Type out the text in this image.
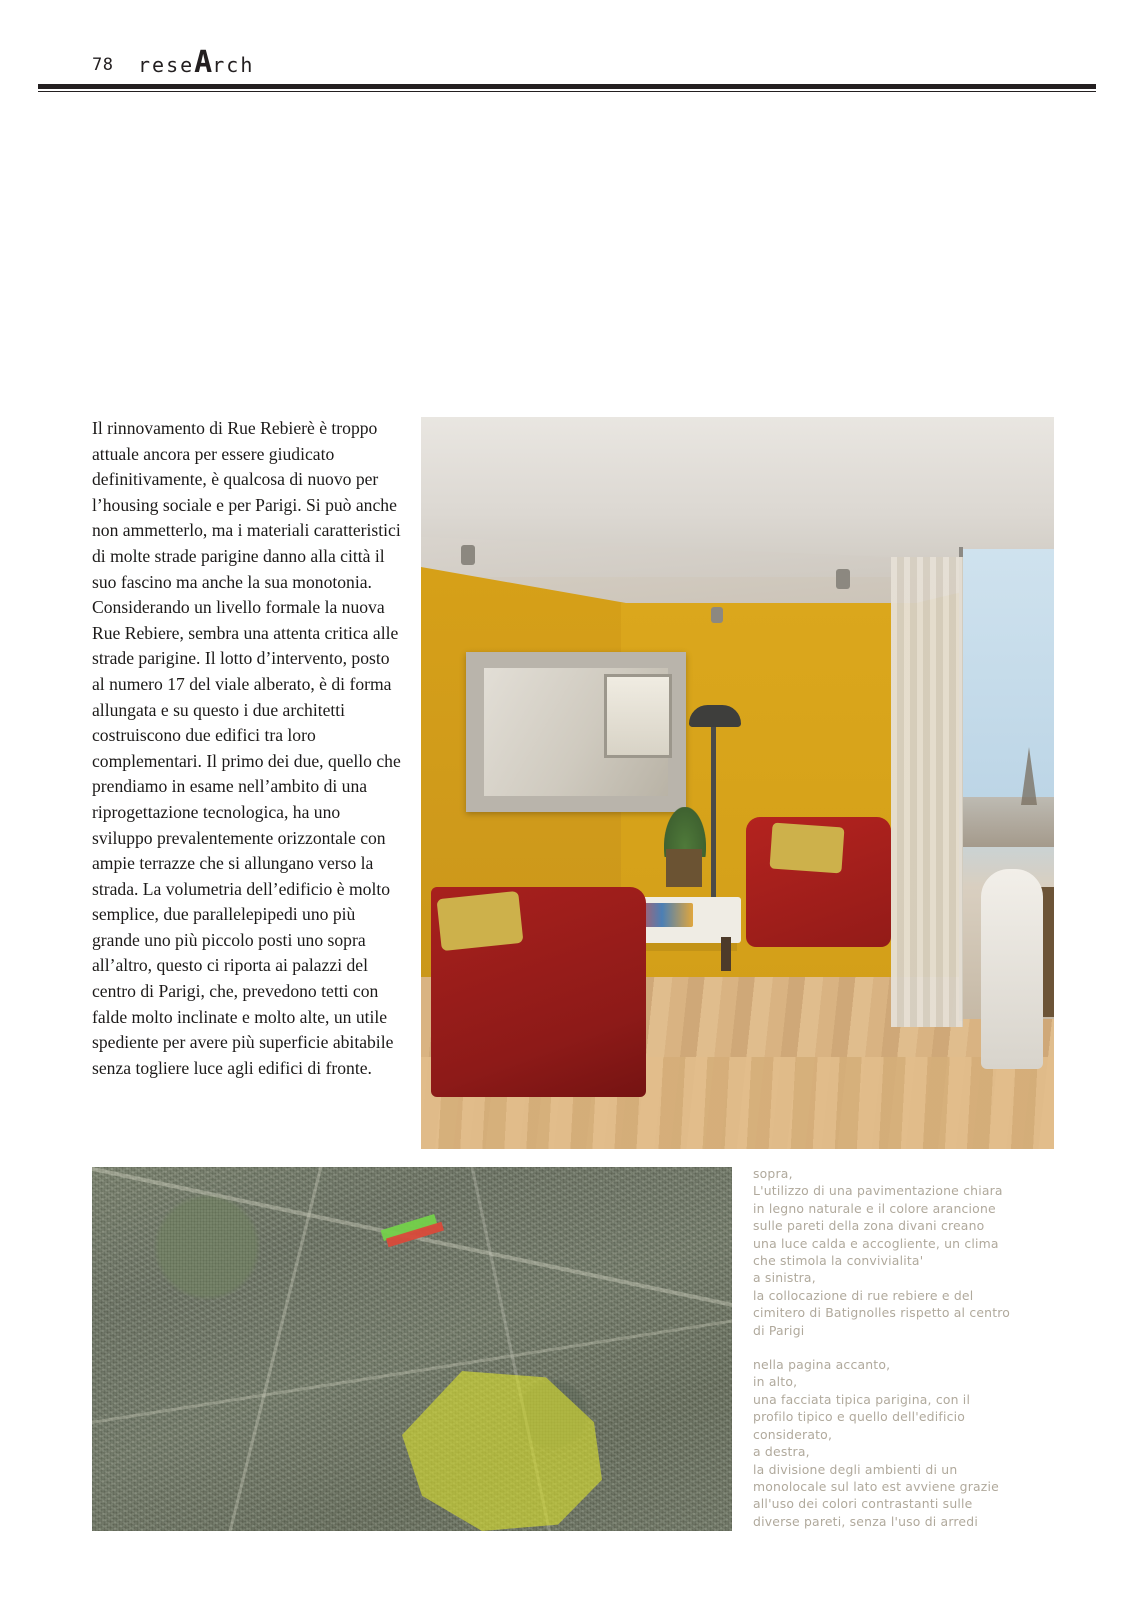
78 reseArch
Il rinnovamento di Rue Rebierè è troppo attuale ancora per essere giudicato definitivamente, è qualcosa di nuovo per l’housing sociale e per Parigi. Si può anche non ammetterlo, ma i materiali caratteristici di molte strade parigine danno alla città il suo fascino ma anche la sua monotonia. Considerando un livello formale la nuova Rue Rebiere, sembra una attenta critica alle strade parigine. Il lotto d’intervento, posto al numero 17 del viale alberato, è di forma allungata e su questo i due architetti costruiscono due edifici tra loro complementari. Il primo dei due, quello che prendiamo in esame nell’ambito di una riprogettazione tecnologica, ha uno sviluppo prevalentemente orizzontale con ampie terrazze che si allungano verso la strada. La volumetria dell’edificio è molto semplice, due parallelepipedi uno più grande uno più piccolo posti uno sopra all’altro, questo ci riporta ai palazzi del centro di Parigi, che, prevedono tetti con falde molto inclinate e molto alte, un utile spediente per avere più superficie abitabile senza togliere luce agli edifici di fronte.

sopra,

L'utilizzo di una pavimentazione chiara

in legno naturale e il colore arancione

sulle pareti della zona divani creano

una luce calda e accogliente, un clima

che stimola la convivialita'

a sinistra,

la collocazione di rue rebiere e del

cimitero di Batignolles rispetto al centro

di Parigi

nella pagina accanto,

in alto,

una facciata tipica parigina, con il

profilo tipico e quello dell'edificio

considerato,

a destra,

la divisione degli ambienti di un

monolocale sul lato est avviene grazie

all'uso dei colori contrastanti sulle

diverse pareti, senza l'uso di arredi
